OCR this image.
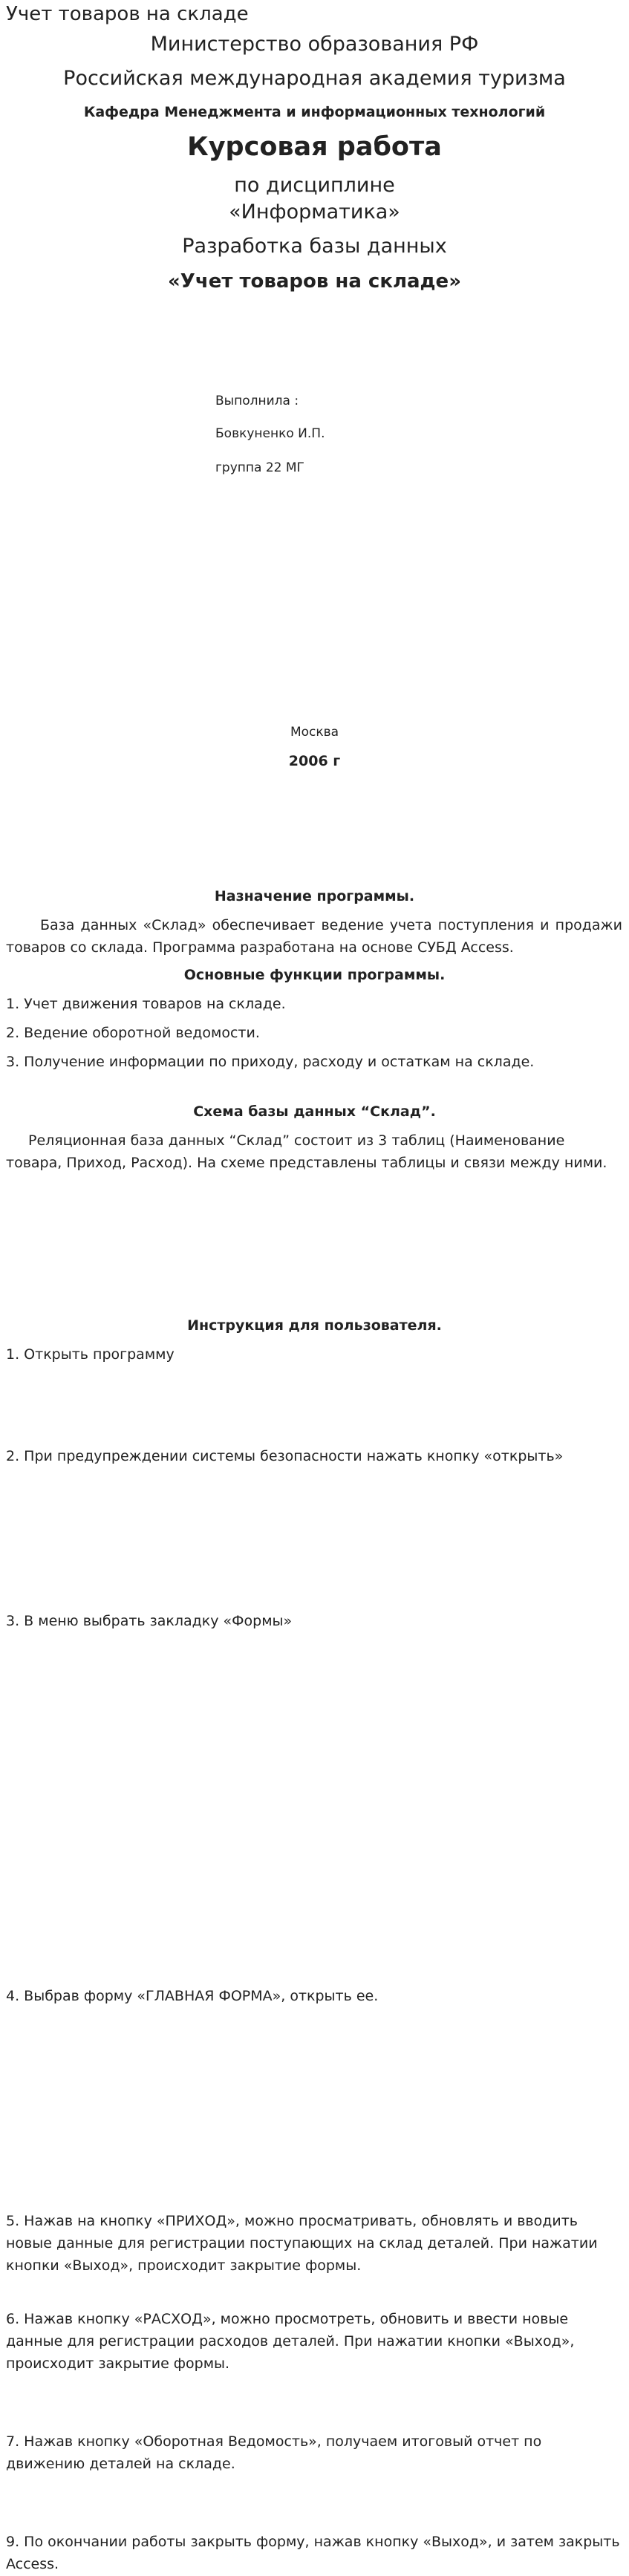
Учет товаров на складе
Министерство образования РФ
Российская международная академия туризма
Кафедра Менеджмента и информационных технологий
Курсовая работа
по дисциплине
«Информатика»
Разработка базы данных
«Учет товаров на складе»
Выполнила :
Бовкуненко И.П.
группа 22 МГ
Москва
2006 г
Назначение программы.
Базa данных «Склад» обеспечивает ведение учета поступления и продажи товаров со склада. Программа разработана на основе СУБД Access.
Основные функции программы.
1. Учет движения товаров на складе.
2. Ведение оборотной ведомости.
3. Получение информации по приходу, расходу и остаткам на складе.
Схема базы данных “Склад”.
Реляционная база данных “Склад” состоит из 3 таблиц (Наименование товара, Приход, Расход). На схеме представлены таблицы и связи между ними.
Инструкция для пользователя.
1. Открыть программу
2. При предупреждении системы безопасности нажать кнопку «открыть»
3. В меню выбрать закладку «Формы»
4. Выбрав форму «ГЛАВНАЯ ФОРМА», открыть ее.
5. Нажав на кнопку «ПРИХОД», можно просматривать, обновлять и вводить новые данные для регистрации поступающих на склад деталей. При нажатии кнопки «Выход», происходит закрытие формы.
6. Нажав кнопку «РАСХОД», можно просмотреть, обновить и ввести новые данные для регистрации расходов деталей. При нажатии кнопки «Выход», происходит закрытие формы.
7. Нажав кнопку «Оборотная Ведомость», получаем итоговый отчет по движению деталей на складе.
9. По окончании работы закрыть форму, нажав кнопку «Выход», и затем закрыть Access.
